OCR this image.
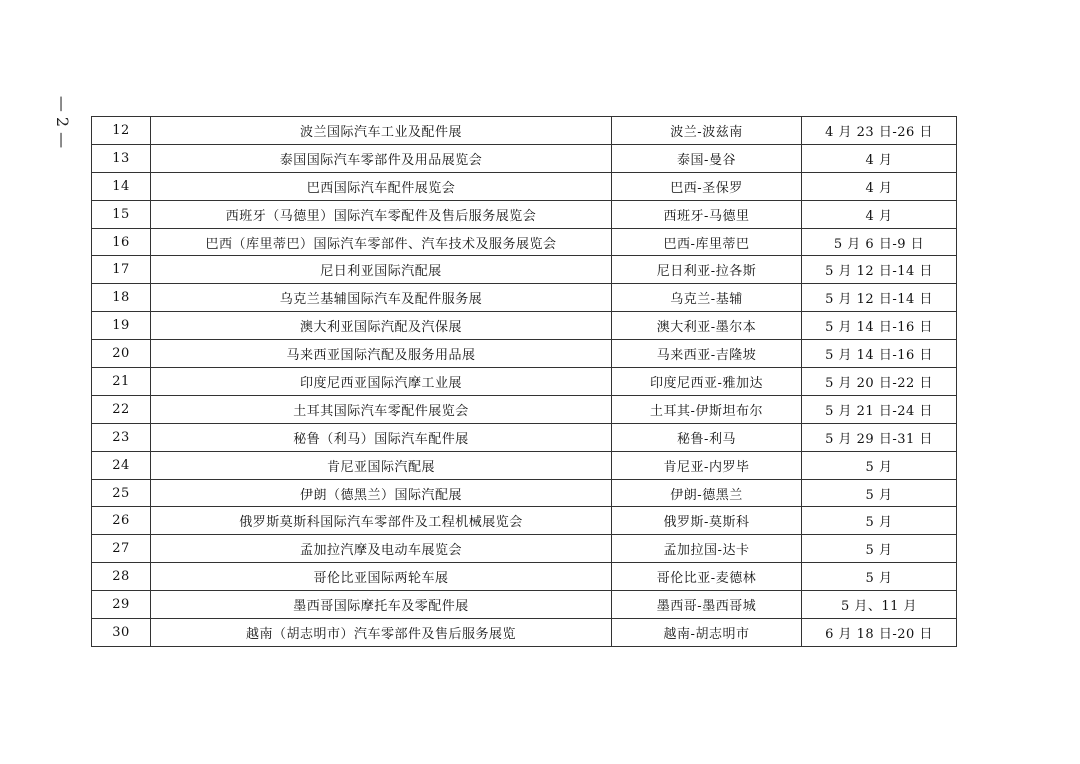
— 2 —	12	波兰国际汽车工业及配件展	波兰-波兹南	4 月 23 日-26 日
13	泰国国际汽车零部件及用品展览会	泰国-曼谷	4 月
14	巴西国际汽车配件展览会	巴西-圣保罗	4 月
15	西班牙（马德里）国际汽车零配件及售后服务展览会	西班牙-马德里	4 月
16	巴西（库里蒂巴）国际汽车零部件、汽车技术及服务展览会	巴西-库里蒂巴	5 月 6 日-9 日
17	尼日利亚国际汽配展	尼日利亚-拉各斯	5 月 12 日-14 日
18	乌克兰基辅国际汽车及配件服务展	乌克兰-基辅	5 月 12 日-14 日
19	澳大利亚国际汽配及汽保展	澳大利亚-墨尔本	5 月 14 日-16 日
20	马来西亚国际汽配及服务用品展	马来西亚-吉隆坡	5 月 14 日-16 日
21	印度尼西亚国际汽摩工业展	印度尼西亚-雅加达	5 月 20 日-22 日
22	土耳其国际汽车零配件展览会	土耳其-伊斯坦布尔	5 月 21 日-24 日
23	秘鲁（利马）国际汽车配件展	秘鲁-利马	5 月 29 日-31 日
24	肯尼亚国际汽配展	肯尼亚-内罗毕	5 月
25	伊朗（德黑兰）国际汽配展	伊朗-德黑兰	5 月
26	俄罗斯莫斯科国际汽车零部件及工程机械展览会	俄罗斯-莫斯科	5 月
27	孟加拉汽摩及电动车展览会	孟加拉国-达卡	5 月
28	哥伦比亚国际两轮车展	哥伦比亚-麦德林	5 月
29	墨西哥国际摩托车及零配件展	墨西哥-墨西哥城	5 月、11 月
30	越南（胡志明市）汽车零部件及售后服务展览	越南-胡志明市	6 月 18 日-20 日
